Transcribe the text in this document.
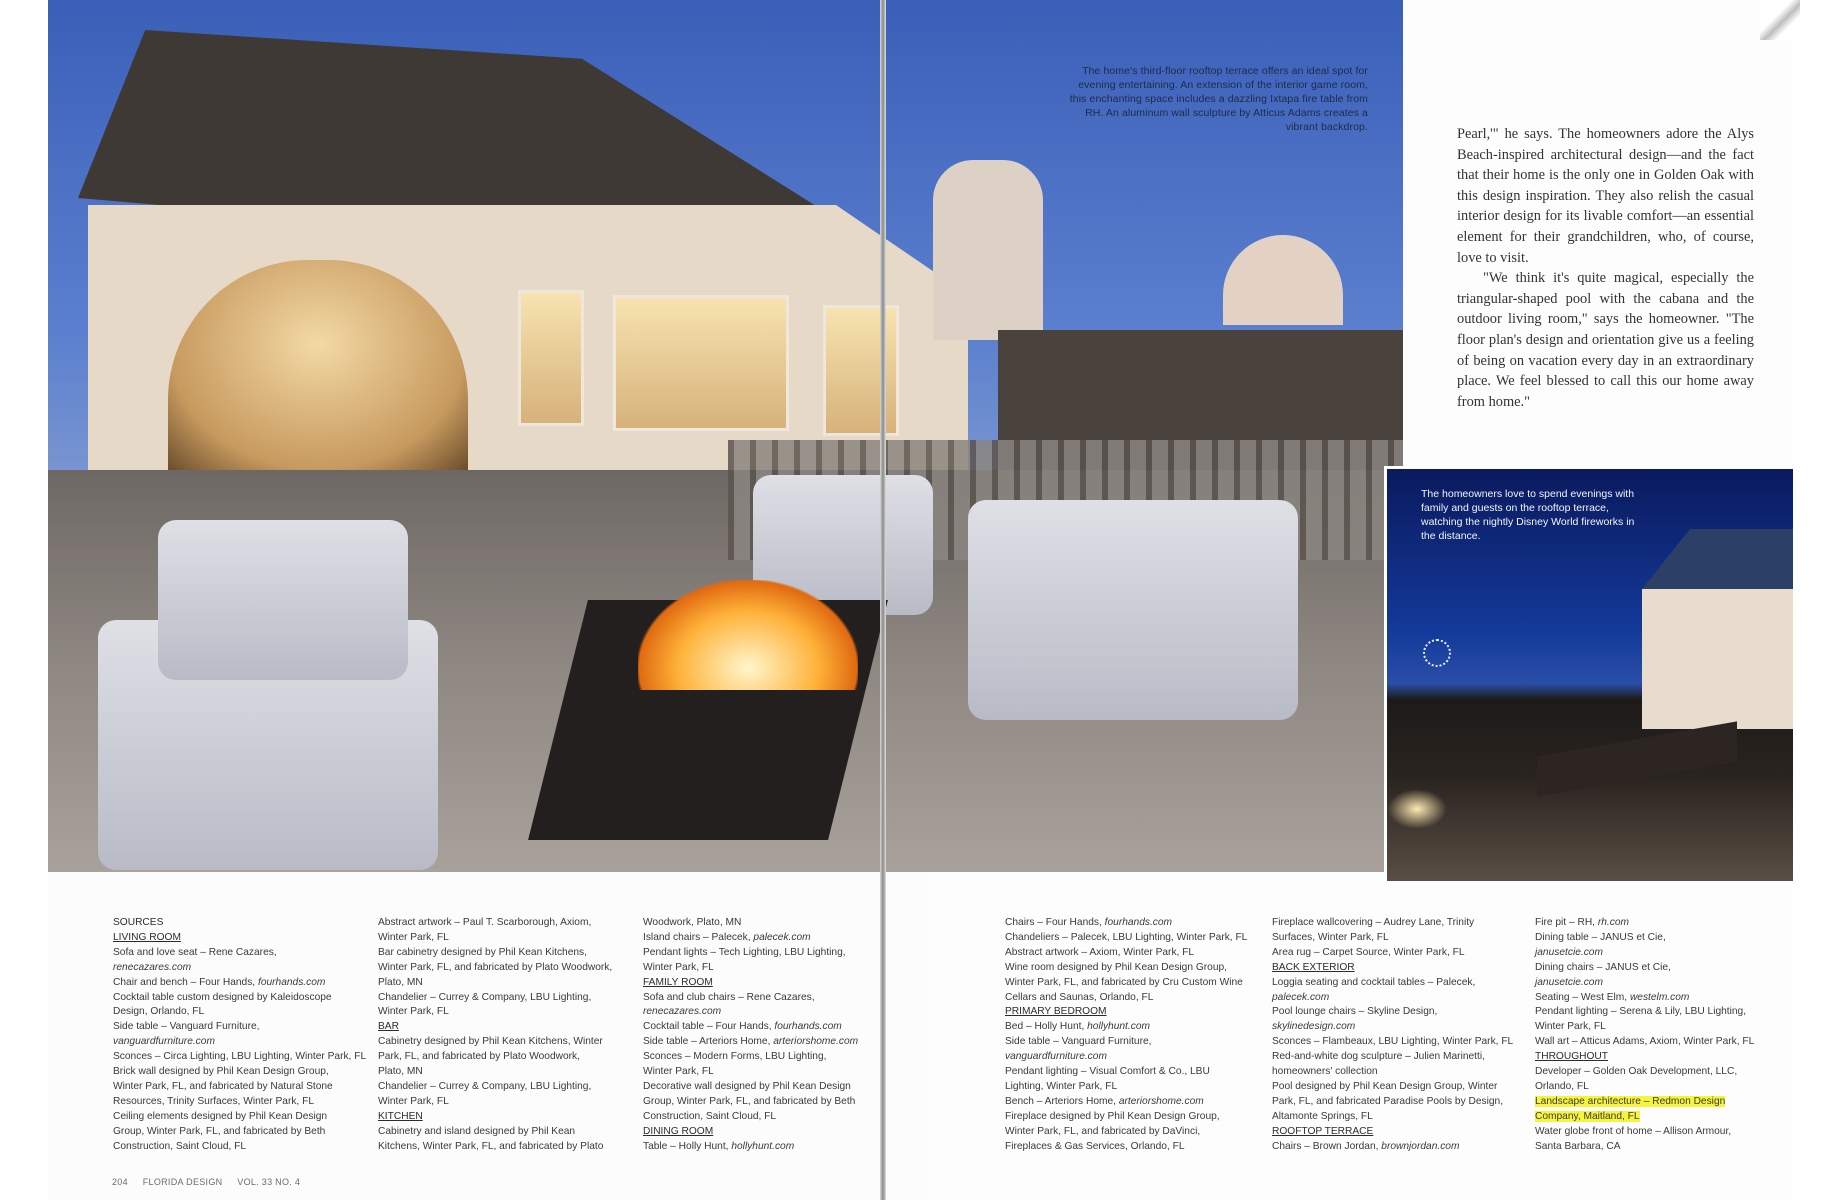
The home's third-floor rooftop terrace offers an ideal spot for evening entertaining. An extension of the interior game room, this enchanting space includes a dazzling Ixtapa fire table from RH. An aluminum wall sculpture by Atticus Adams creates a vibrant backdrop.	Pearl,'" he says. The homeowners adore the Alys Beach-inspired architectural design—and the fact that their home is the only one in Golden Oak with this design inspiration. They also relish the casual interior design for its livable comfort—an essential element for their grandchildren, who, of course, love to visit.

"We think it's quite magical, especially the triangular-shaped pool with the cabana and the outdoor living room," says the homeowner. "The floor plan's design and orientation give us a feeling of being on vacation every day in an extraordinary place. We feel blessed to call this our home away from home."

The homeowners love to spend evenings with family and guests on the rooftop terrace, watching the nightly Disney World fireworks in the distance.
SOURCES
LIVING ROOM
Sofa and love seat – Rene Cazares,
renecazares.com
Chair and bench – Four Hands, fourhands.com
Cocktail table custom designed by Kaleidoscope
Design, Orlando, FL
Side table – Vanguard Furniture,
vanguardfurniture.com
Sconces – Circa Lighting, LBU Lighting, Winter Park, FL
Brick wall designed by Phil Kean Design Group,
Winter Park, FL, and fabricated by Natural Stone
Resources, Trinity Surfaces, Winter Park, FL
Ceiling elements designed by Phil Kean Design
Group, Winter Park, FL, and fabricated by Beth
Construction, Saint Cloud, FL
Abstract artwork – Paul T. Scarborough, Axiom,
Winter Park, FL
Bar cabinetry designed by Phil Kean Kitchens,
Winter Park, FL, and fabricated by Plato Woodwork,
Plato, MN
Chandelier – Currey & Company, LBU Lighting,
Winter Park, FL
BAR
Cabinetry designed by Phil Kean Kitchens, Winter
Park, FL, and fabricated by Plato Woodwork,
Plato, MN
Chandelier – Currey & Company, LBU Lighting,
Winter Park, FL
KITCHEN
Cabinetry and island designed by Phil Kean
Kitchens, Winter Park, FL, and fabricated by Plato
Woodwork, Plato, MN
Island chairs – Palecek, palecek.com
Pendant lights – Tech Lighting, LBU Lighting,
Winter Park, FL
FAMILY ROOM
Sofa and club chairs – Rene Cazares,
renecazares.com
Cocktail table – Four Hands, fourhands.com
Side table – Arteriors Home, arteriorshome.com
Sconces – Modern Forms, LBU Lighting,
Winter Park, FL
Decorative wall designed by Phil Kean Design
Group, Winter Park, FL, and fabricated by Beth
Construction, Saint Cloud, FL
DINING ROOM
Table – Holly Hunt, hollyhunt.com
Chairs – Four Hands, fourhands.com
Chandeliers – Palecek, LBU Lighting, Winter Park, FL
Abstract artwork – Axiom, Winter Park, FL
Wine room designed by Phil Kean Design Group,
Winter Park, FL, and fabricated by Cru Custom Wine
Cellars and Saunas, Orlando, FL
PRIMARY BEDROOM
Bed – Holly Hunt, hollyhunt.com
Side table – Vanguard Furniture,
vanguardfurniture.com
Pendant lighting – Visual Comfort & Co., LBU
Lighting, Winter Park, FL
Bench – Arteriors Home, arteriorshome.com
Fireplace designed by Phil Kean Design Group,
Winter Park, FL, and fabricated by DaVinci,
Fireplaces & Gas Services, Orlando, FL
Fireplace wallcovering – Audrey Lane, Trinity
Surfaces, Winter Park, FL
Area rug – Carpet Source, Winter Park, FL
BACK EXTERIOR
Loggia seating and cocktail tables – Palecek,
palecek.com
Pool lounge chairs – Skyline Design,
skylinedesign.com
Sconces – Flambeaux, LBU Lighting, Winter Park, FL
Red-and-white dog sculpture – Julien Marinetti,
homeowners' collection
Pool designed by Phil Kean Design Group, Winter
Park, FL, and fabricated Paradise Pools by Design,
Altamonte Springs, FL
ROOFTOP TERRACE
Chairs – Brown Jordan, brownjordan.com
Fire pit – RH, rh.com
Dining table – JANUS et Cie,
janusetcie.com
Dining chairs – JANUS et Cie,
janusetcie.com
Seating – West Elm, westelm.com
Pendant lighting – Serena & Lily, LBU Lighting,
Winter Park, FL
Wall art – Atticus Adams, Axiom, Winter Park, FL
THROUGHOUT
Developer – Golden Oak Development, LLC,
Orlando, FL
Landscape architecture – Redmon Design
Company, Maitland, FL
Water globe front of home – Allison Armour,
Santa Barbara, CA
204 FLORIDA DESIGN VOL. 33 NO. 4
